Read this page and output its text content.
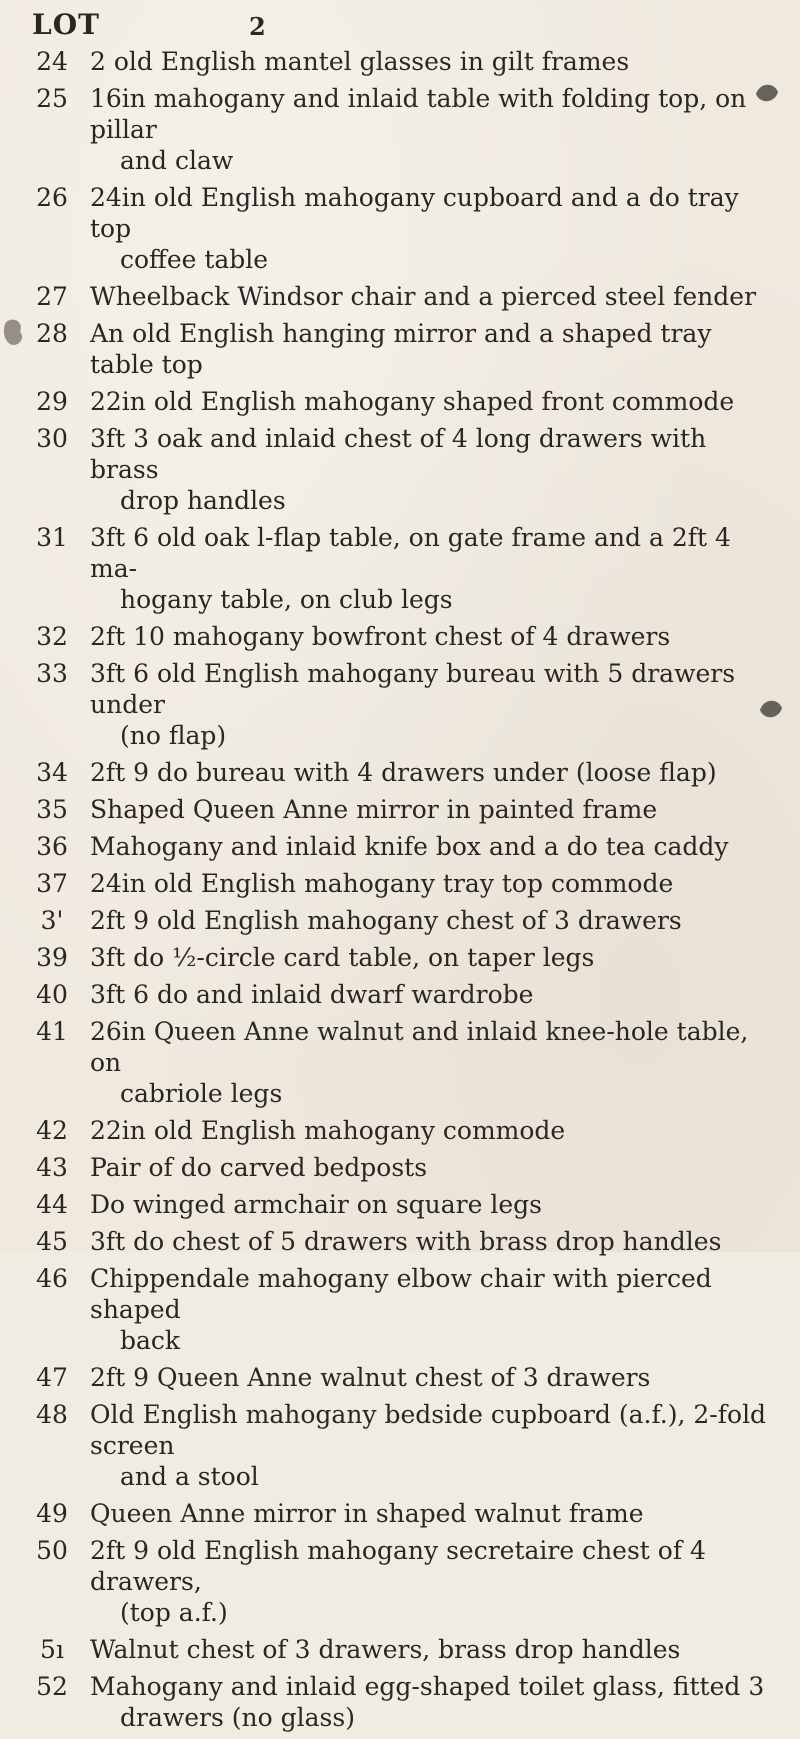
LOT	2
24 2 old English mantel glasses in gilt frames
25 16in mahogany and inlaid table with folding top, on pillar
and claw
26 24in old English mahogany cupboard and a do tray top
coffee table
27 Wheelback Windsor chair and a pierced steel fender
28 An old English hanging mirror and a shaped tray table top
29 22in old English mahogany shaped front commode
30 3ft 3 oak and inlaid chest of 4 long drawers with brass
drop handles
31 3ft 6 old oak l-flap table, on gate frame and a 2ft 4 ma-
hogany table, on club legs
32 2ft 10 mahogany bowfront chest of 4 drawers
33 3ft 6 old English mahogany bureau with 5 drawers under
(no flap)
34 2ft 9 do bureau with 4 drawers under (loose flap)
35 Shaped Queen Anne mirror in painted frame
36 Mahogany and inlaid knife box and a do tea caddy
37 24in old English mahogany tray top commode
3'	2ft 9 old English mahogany chest of 3 drawers
39 3ft do ½-circle card table, on taper legs
40 3ft 6 do and inlaid dwarf wardrobe
41 26in Queen Anne walnut and inlaid knee-hole table, on
cabriole legs
42 22in old English mahogany commode
43 Pair of do carved bedposts
44 Do winged armchair on square legs
45 3ft do chest of 5 drawers with brass drop handles
46 Chippendale mahogany elbow chair with pierced shaped
back
47 2ft 9 Queen Anne walnut chest of 3 drawers
48 Old English mahogany bedside cupboard (a.f.), 2-fold screen
and a stool
49 Queen Anne mirror in shaped walnut frame
50 2ft 9 old English mahogany secretaire chest of 4 drawers,
(top a.f.)
5ı	Walnut chest of 3 drawers, brass drop handles
52 Mahogany and inlaid egg-shaped toilet glass, fitted 3
drawers (no glass)
